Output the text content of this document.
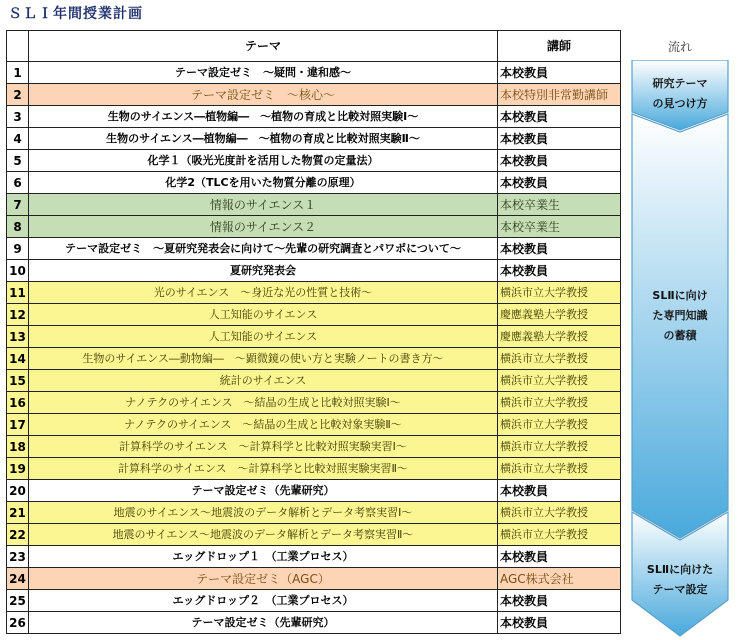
ＳＬＩ年間授業計画
	テーマ	講師
1	テーマ設定ゼミ　～疑問・違和感～	本校教員
2	テーマ設定ゼミ　～核心～	本校特別非常勤講師
3	生物のサイエンス―植物編―　～植物の育成と比較対照実験Ⅰ～	本校教員
4	生物のサイエンス―植物編―　～植物の育成と比較対照実験Ⅱ～	本校教員
5	化学１（吸光光度計を活用した物質の定量法）	本校教員
6	化学2（TLCを用いた物質分離の原理）	本校教員
7	情報のサイエンス１	本校卒業生
8	情報のサイエンス２	本校卒業生
9	テーマ設定ゼミ　～夏研究発表会に向けて～先輩の研究調査とパワポについて～	本校教員
10	夏研究発表会	本校教員
11	光のサイエンス　～身近な光の性質と技術～	横浜市立大学教授
12	人工知能のサイエンス	慶應義塾大学教授
13	人工知能のサイエンス	慶應義塾大学教授
14	生物のサイエンス―動物編―　～顕微鏡の使い方と実験ノートの書き方～	横浜市立大学教授
15	統計のサイエンス	横浜市立大学教授
16	ナノテクのサイエンス　～結晶の生成と比較対照実験Ⅰ～	横浜市立大学教授
17	ナノテクのサイエンス　～結晶の生成と比較対象実験Ⅱ～	横浜市立大学教授
18	計算科学のサイエンス　～計算科学と比較対照実験実習Ⅰ～	横浜市立大学教授
19	計算科学のサイエンス　～計算科学と比較対照実験実習Ⅱ～	横浜市立大学教授
20	テーマ設定ゼミ（先輩研究）	本校教員
21	地震のサイエンス～地震波のデータ解析とデータ考察実習Ⅰ～	横浜市立大学教授
22	地震のサイエンス～地震波のデータ解析とデータ考察実習Ⅱ～	横浜市立大学教授
23	エッグドロップ１　（工業プロセス）	本校教員
24	テーマ設定ゼミ（AGC）	AGC株式会社
25	エッグドロップ２　（工業プロセス）	本校教員
26	テーマ設定ゼミ（先輩研究）	本校教員
流れ
研究テーマ
の見つけ方
SLⅡに向け
た専門知識
の蓄積
SLⅡに向けた
テーマ設定
